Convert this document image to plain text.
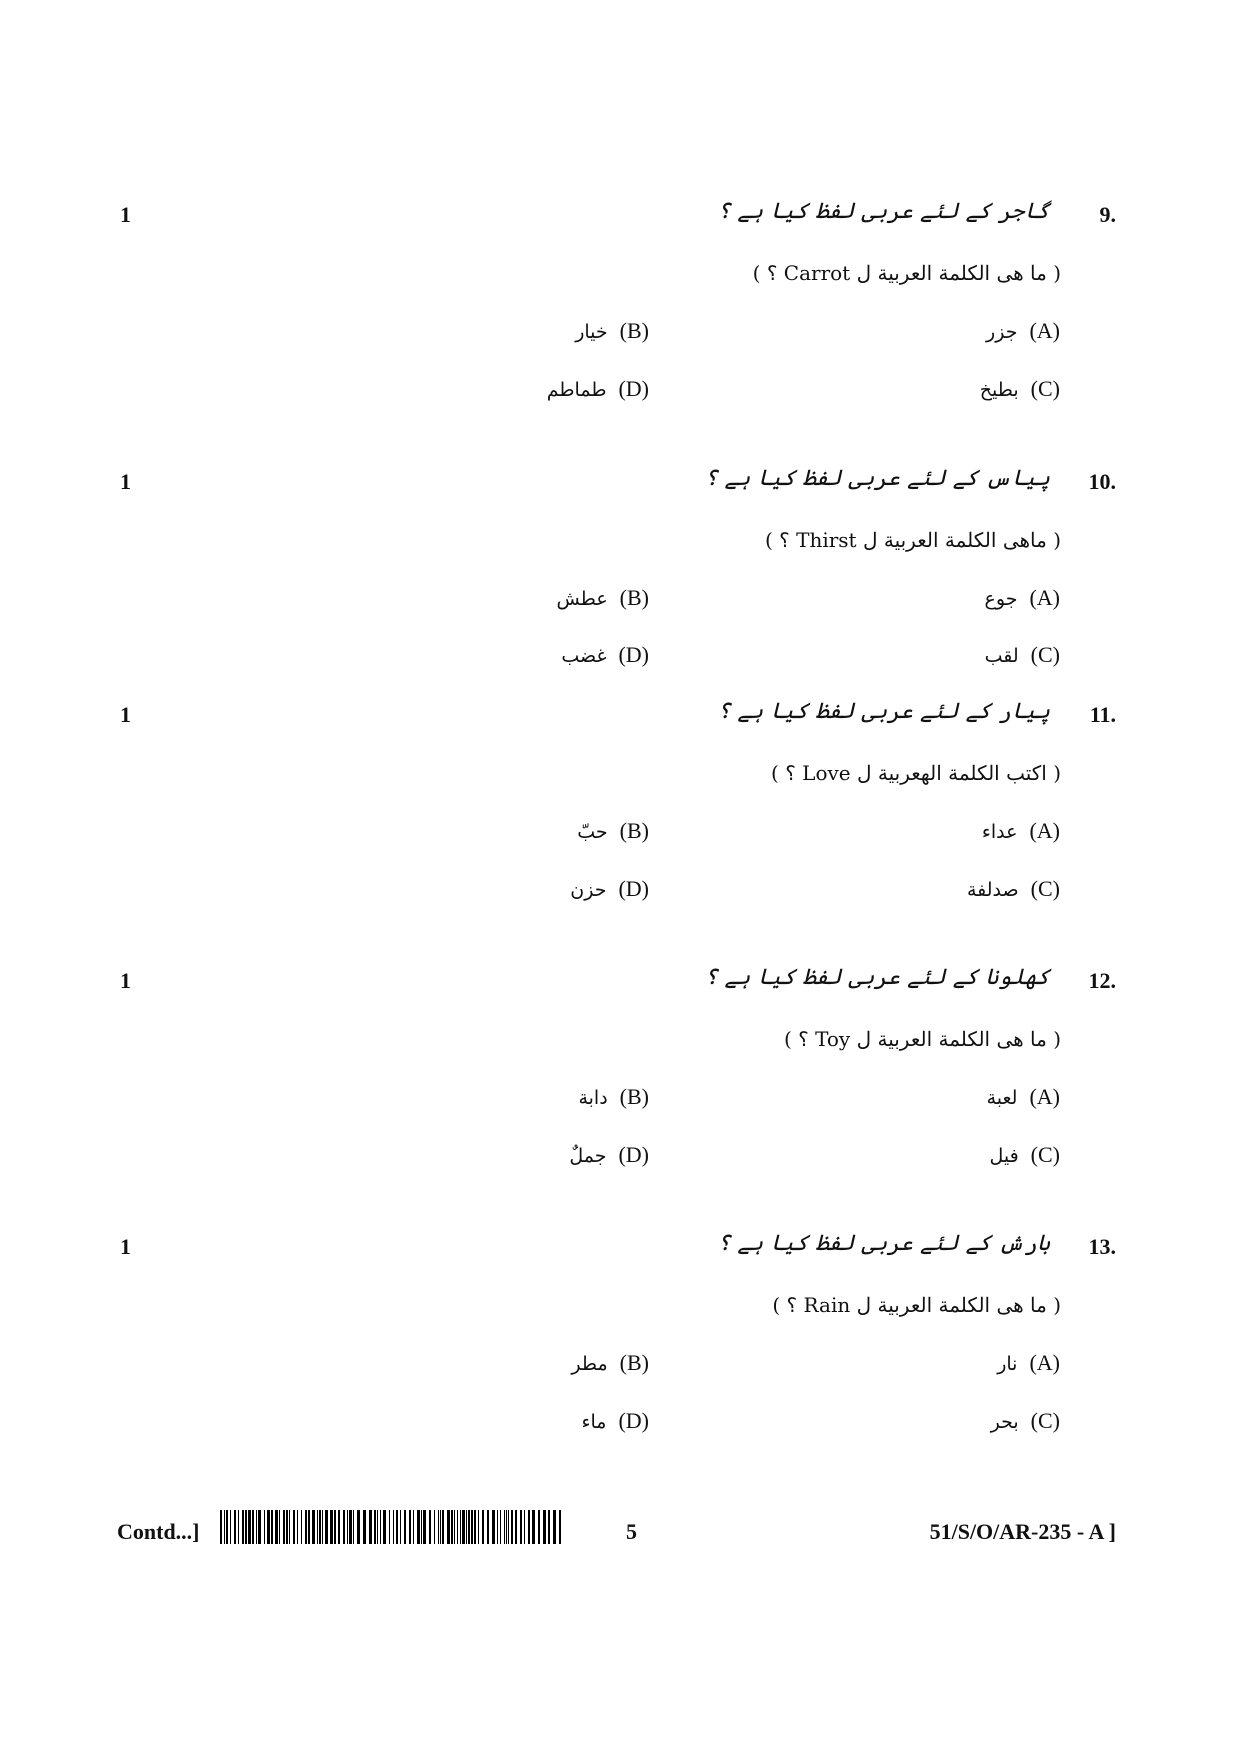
1	9.
گاجر کے لئے عربی لفظ کیا ہے ؟
( ما هی الكلمة العربية ل Carrot ؟ )
جزر (A)
خيار (B)
بطيخ (C)
طماطم (D)
1	10.
پیاس کے لئے عربی لفظ کیا ہے ؟
( ماهی الكلمة العربية ل Thirst ؟ )
جوع (A)
عطش (B)
لقب (C)
غضب (D)
1	11.
پیار کے لئے عربی لفظ کیا ہے ؟
( اكتب الكلمة الهعربية ل Love ؟ )
عداء (A)
حبّ (B)
صدلفة (C)
حزن (D)
1	12.
کھلونا کے لئے عربی لفظ کیا ہے ؟
( ما هی الكلمة العربية ل Toy ؟ )
لعبة (A)
دابة (B)
فيل (C)
جملٌ (D)
1	13.
بارش کے لئے عربی لفظ کیا ہے ؟
( ما هی الكلمة العربية ل Rain ؟ )
نار (A)
مطر (B)
بحر (C)
ماء (D)
Contd...]	5	51/S/O/AR-235 - A ]
